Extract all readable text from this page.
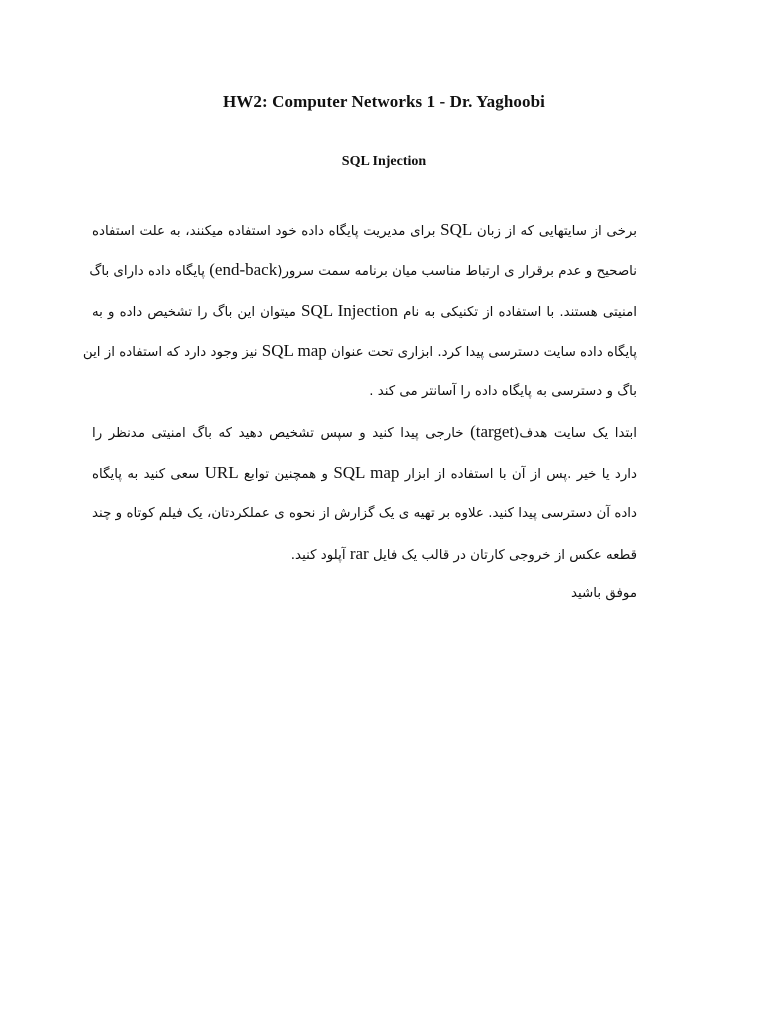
HW2: Computer Networks 1 - Dr. Yaghoobi
SQL Injection
برخی از سایتهایی که از زبان SQL برای مدیریت پایگاه داده خود استفاده میکنند، به علت استفاده
ناصحیح و عدم برقرار ی ارتباط مناسب میان برنامه سمت سرور(end-back) پایگاه داده دارای باگ
امنیتی هستند. با استفاده از تکنیکی به نام SQL Injection میتوان این باگ را تشخیص داده و به
پایگاه داده سایت دسترسی پیدا کرد. ابزاری تحت عنوان SQL map نیز وجود دارد که استفاده از این
باگ و دسترسی به پایگاه داده را آسانتر می کند .
ابتدا یک سایت هدف(target) خارجی پیدا کنید و سپس تشخیص دهید که باگ امنیتی مدنظر را
دارد یا خیر .پس از آن با استفاده از ابزار SQL map و همچنین توابع URL سعی کنید به پایگاه
داده آن دسترسی پیدا کنید. علاوه بر تهیه ی یک گزارش از نحوه ی عملکردتان، یک فیلم کوتاه و چند
قطعه عکس از خروجی کارتان در قالب یک فایل rar آپلود کنید.
موفق باشید
